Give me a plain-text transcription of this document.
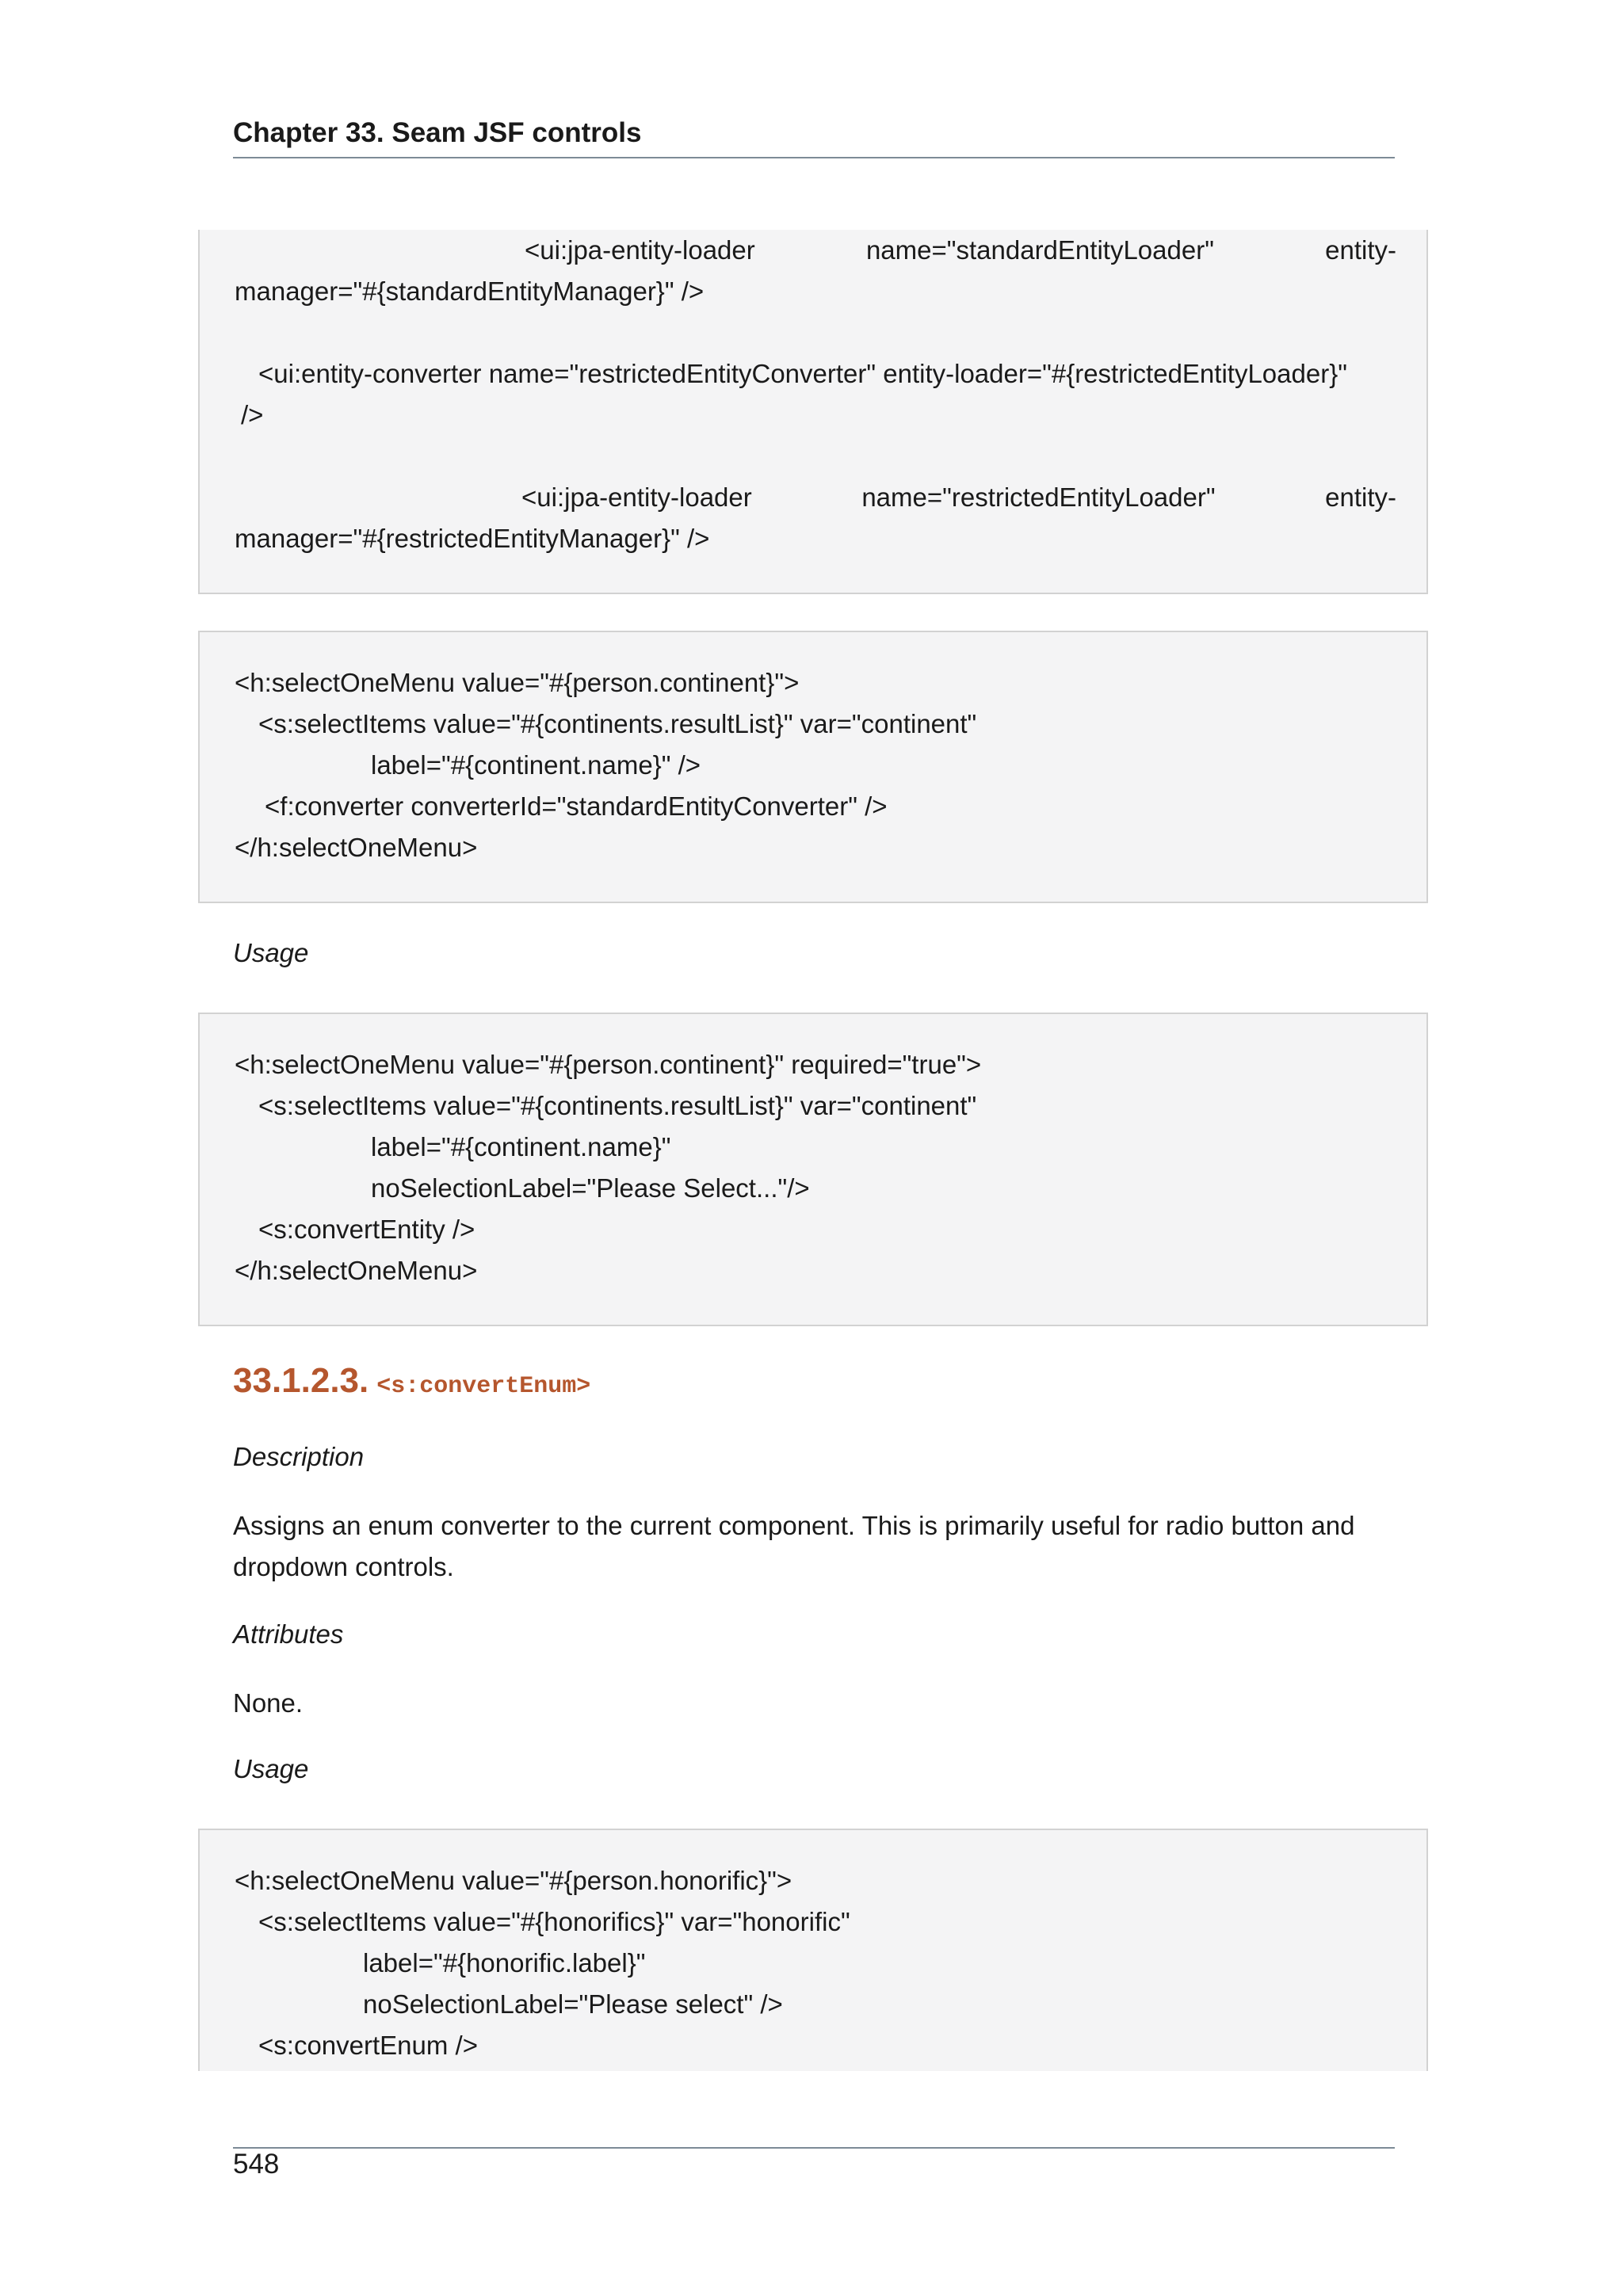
Chapter 33. Seam JSF controls
<ui:jpa-entity-loader	name="standardEntityLoader"	entity-
manager="#{standardEntityManager}" />
<ui:entity-converter name="restrictedEntityConverter" entity-loader="#{restrictedEntityLoader}"
/>
<ui:jpa-entity-loader	name="restrictedEntityLoader"	entity-
manager="#{restrictedEntityManager}" />
<h:selectOneMenu value="#{person.continent}">
<s:selectItems value="#{continents.resultList}" var="continent"
label="#{continent.name}" />
<f:converter converterId="standardEntityConverter" />
</h:selectOneMenu>
Usage
<h:selectOneMenu value="#{person.continent}" required="true">
<s:selectItems value="#{continents.resultList}" var="continent"
label="#{continent.name}"
noSelectionLabel="Please Select..."/>
<s:convertEntity />
</h:selectOneMenu>
33.1.2.3. <s:convertEnum>
Description
Assigns an enum converter to the current component. This is primarily useful for radio button and dropdown controls.
Attributes
None.
Usage
<h:selectOneMenu value="#{person.honorific}">
<s:selectItems value="#{honorifics}" var="honorific"
label="#{honorific.label}"
noSelectionLabel="Please select" />
<s:convertEnum />
548
